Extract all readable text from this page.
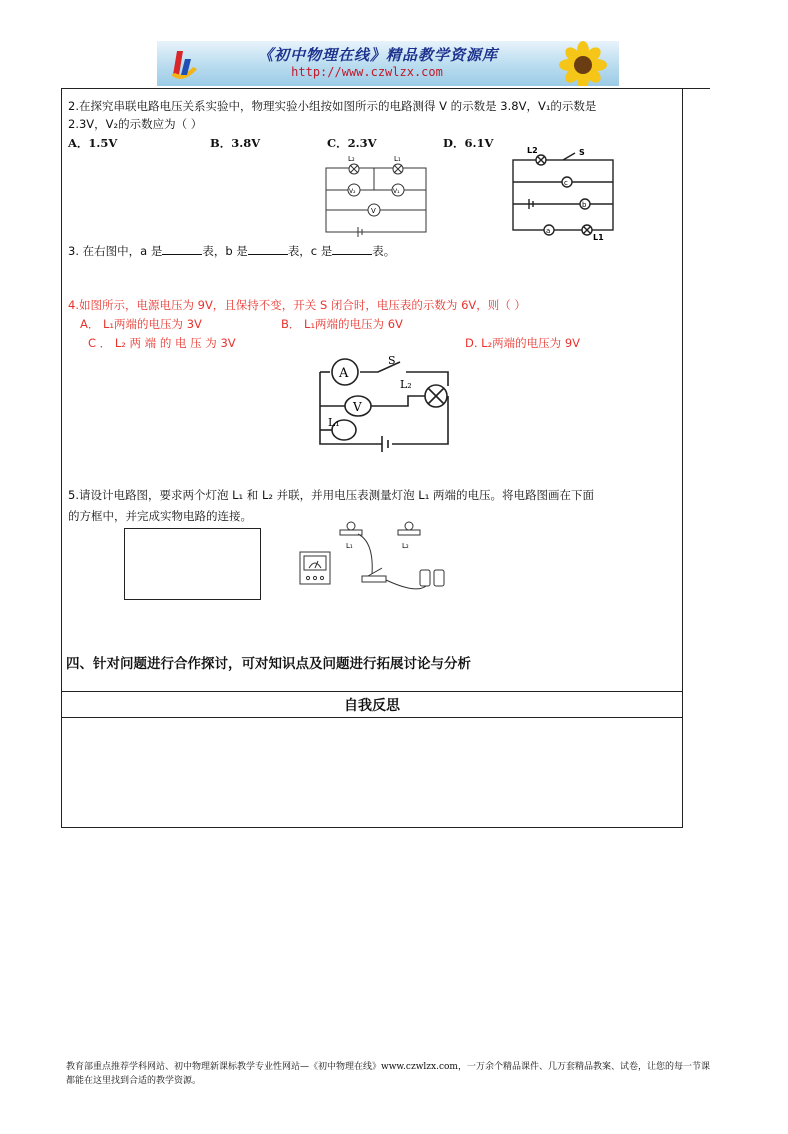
《初中物理在线》精品教学资源库
http://www.czwlzx.com
2.在探究串联电路电压关系实验中，物理实验小组按如图所示的电路测得 V 的示数是 3.8V，V₁的示数是
2.3V，V₂的示数应为（ ）
A．1.5V	B．3.8V	C．2.3V	D．6.1V
L₂	L₁
V₂	V₁
V
L2	S
c
b
a
L1
3. 在右图中，a 是	表，b 是	表，c 是	表。
4.如图所示，电源电压为 9V，且保持不变，开关 S 闭合时，电压表的示数为 6V，则（ ）
A． L₁两端的电压为 3V	B． L₁两端的电压为 6V
C ． L₂ 两 端 的 电 压 为 3V	D. L₂两端的电压为 9V
A
V
S
L₂
L₁
5.请设计电路图，要求两个灯泡 L₁ 和 L₂ 并联，并用电压表测量灯泡 L₁ 两端的电压。将电路图画在下面
的方框中，并完成实物电路的连接。
L₁	L₂
四、针对问题进行合作探讨，可对知识点及问题进行拓展讨论与分析
自我反思
教育部重点推荐学科网站、初中物理新课标教学专业性网站—《初中物理在线》www.czwlzx.com，一万余个精品课件、几万套精品教案、试卷，让您的每一节课都能在这里找到合适的教学资源。
